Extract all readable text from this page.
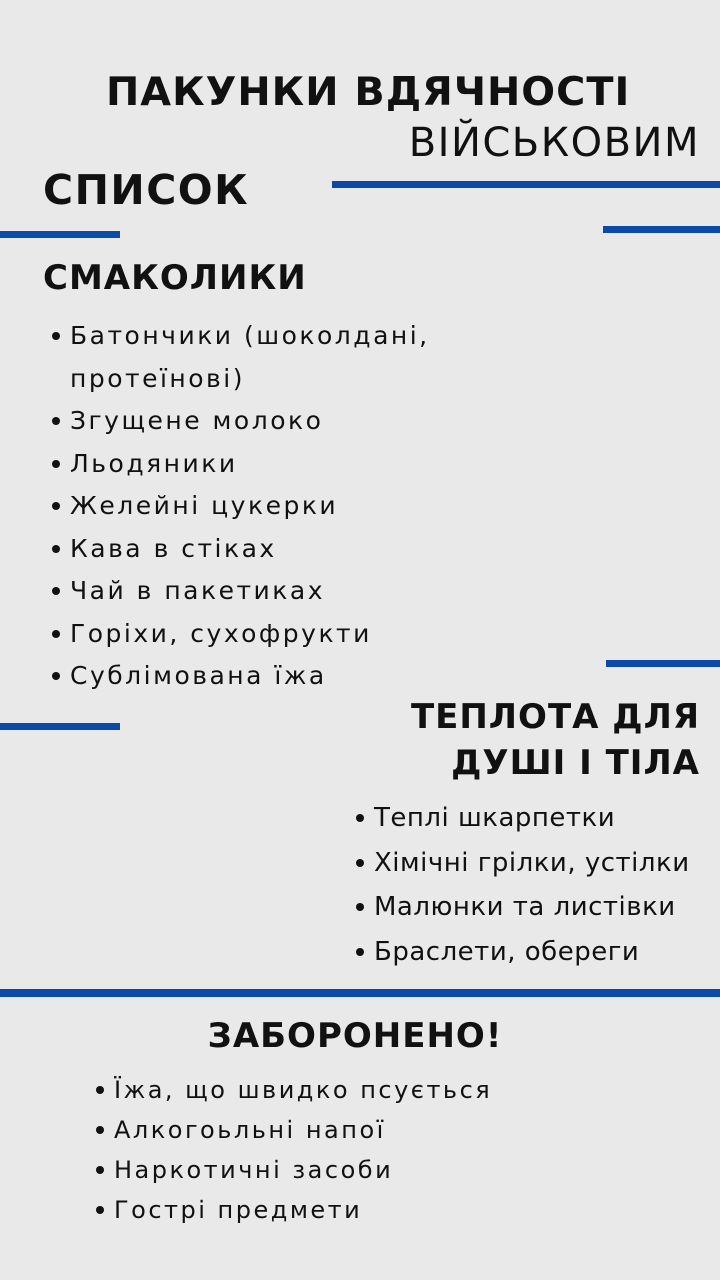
ПАКУНКИ ВДЯЧНОСТІ
ВІЙСЬКОВИМ
СПИСОК
СМАКОЛИКИ
Батончики (шоколдані, протеїнові)
Згущене молоко
Льодяники
Желейні цукерки
Кава в стіках
Чай в пакетиках
Горіхи, сухофрукти
Сублімована їжа
ТЕПЛОТА ДЛЯ
ДУШІ І ТІЛА
Теплі шкарпетки
Хімічні грілки, устілки
Малюнки та листівки
Браслети, обереги
ЗАБОРОНЕНО!
Їжа, що швидко псується
Алкогоьльні напої
Наркотичні засоби
Гострі предмети
